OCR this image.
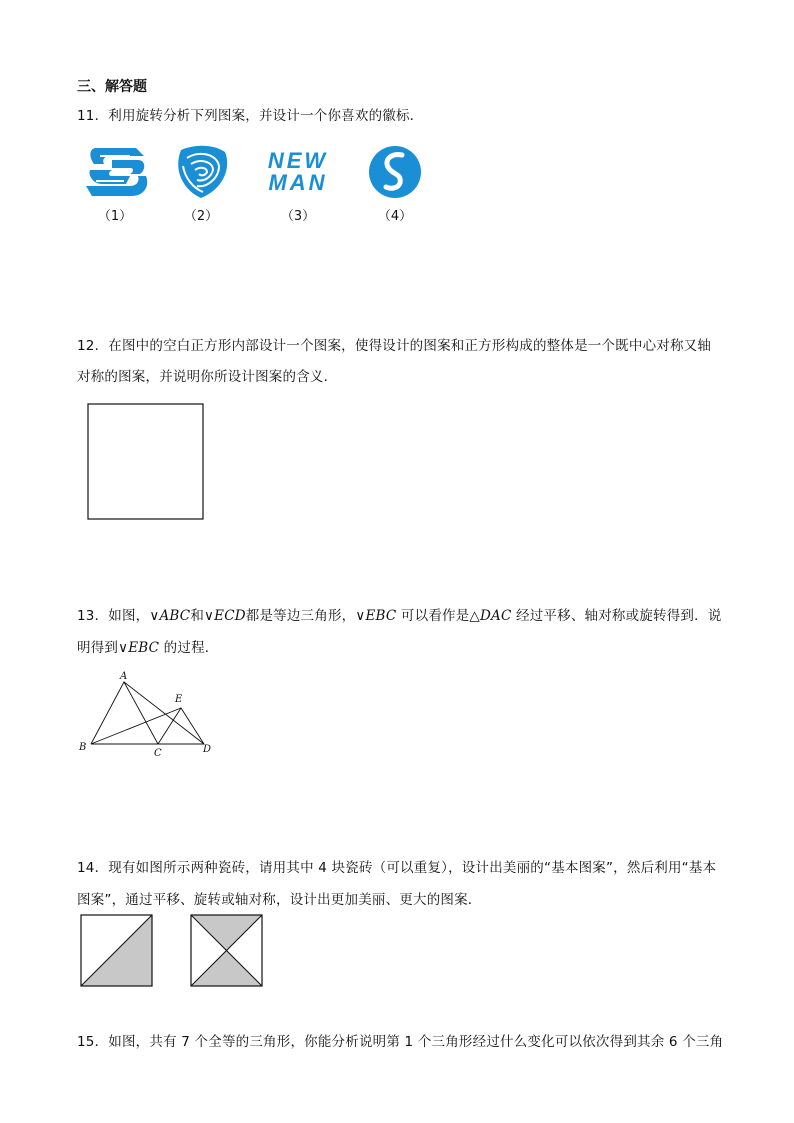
三、解答题
11．利用旋转分析下列图案，并设计一个你喜欢的徽标．
（1）	（2）
NEW
MAN
（3）	（4）
12．在图中的空白正方形内部设计一个图案，使得设计的图案和正方形构成的整体是一个既中心对称又轴
对称的图案，并说明你所设计图案的含义．
13．如图，∨ABC和∨ECD都是等边三角形，∨EBC 可以看作是△DAC 经过平移、轴对称或旋转得到．说
明得到∨EBC 的过程．
A
B
C	D
E
14．现有如图所示两种瓷砖，请用其中 4 块瓷砖（可以重复），设计出美丽的“基本图案”，然后利用“基本
图案”，通过平移、旋转或轴对称，设计出更加美丽、更大的图案．
15．如图，共有 7 个全等的三角形，你能分析说明第 1 个三角形经过什么变化可以依次得到其余 6 个三角
